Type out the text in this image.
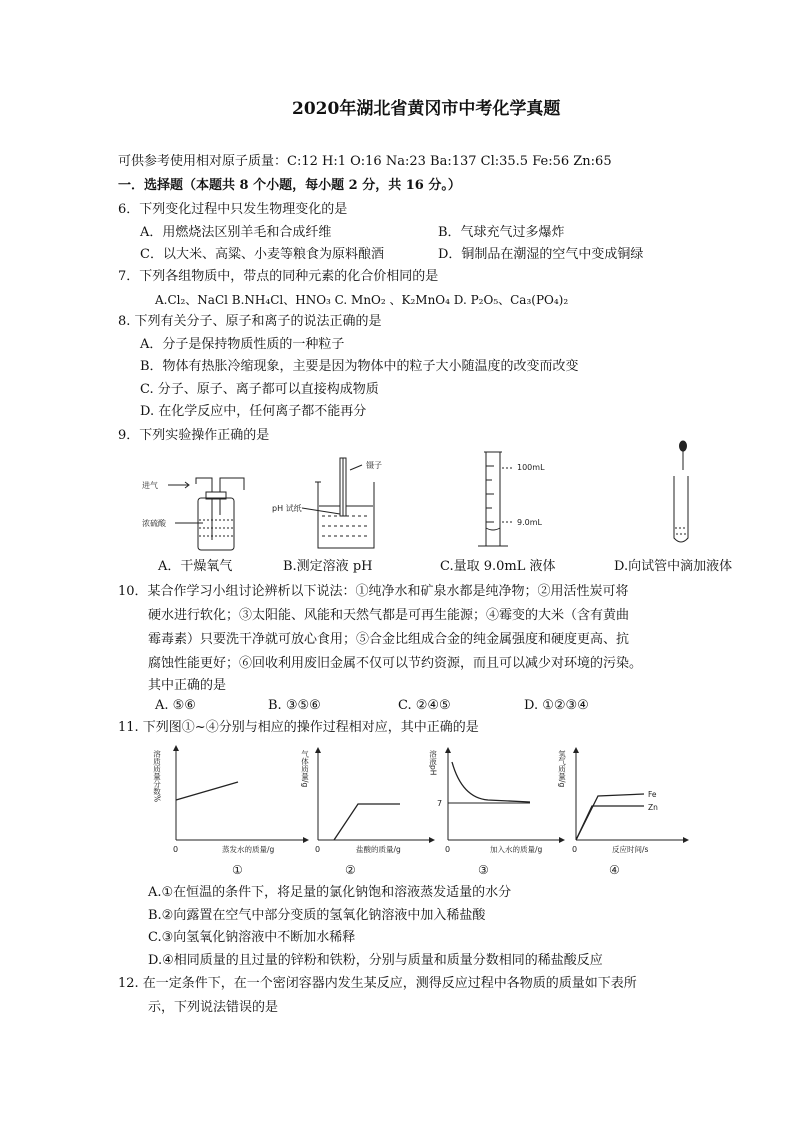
2020年湖北省黄冈市中考化学真题
可供参考使用相对原子质量：C:12 H:1 O:16 Na:23 Ba:137 Cl:35.5 Fe:56 Zn:65
一．选择题（本题共 8 个小题，每小题 2 分，共 16 分。）
6．下列变化过程中只发生物理变化的是
A．用燃烧法区别羊毛和合成纤维	B．气球充气过多爆炸
C．以大米、高粱、小麦等粮食为原料酿酒	D．铜制品在潮湿的空气中变成铜绿
7．下列各组物质中，带点的同种元素的化合价相同的是
A.Cl₂、NaCl B.NH₄Cl、HNO₃ C. MnO₂ 、K₂MnO₄ D. P₂O₅、Ca₃(PO₄)₂
8. 下列有关分子、原子和离子的说法正确的是
A．分子是保持物质性质的一种粒子
B．物体有热胀冷缩现象，主要是因为物体中的粒子大小随温度的改变而改变
C. 分子、原子、离子都可以直接构成物质
D. 在化学反应中，任何离子都不能再分
9．下列实验操作正确的是
进气
浓硫酸
镊子
pH 试纸
100mL
9.0mL
A．干燥氧气	B.测定溶液 pH	C.量取 9.0mL 液体	D.向试管中滴加液体
10．某合作学习小组讨论辨析以下说法：①纯净水和矿泉水都是纯净物；②用活性炭可将
硬水进行软化；③太阳能、风能和天然气都是可再生能源；④霉变的大米（含有黄曲
霉毒素）只要洗干净就可放心食用；⑤合金比组成合金的纯金属强度和硬度更高、抗
腐蚀性能更好；⑥回收利用废旧金属不仅可以节约资源，而且可以减少对环境的污染。
其中正确的是
A. ⑤⑥	B. ③⑤⑥	C. ②④⑤	D. ①②③④
11. 下列图①~④分别与相应的操作过程相对应，其中正确的是
溶质质量分数%
0	蒸发水的质量/g
①
气体质量/g
0	盐酸的质量/g
②
溶液pH
7
0	加入水的质量/g
③
氢气质量/g
Fe
Zn
0	反应时间/s
④
A.①在恒温的条件下，将足量的氯化钠饱和溶液蒸发适量的水分
B.②向露置在空气中部分变质的氢氧化钠溶液中加入稀盐酸
C.③向氢氧化钠溶液中不断加水稀释
D.④相同质量的且过量的锌粉和铁粉，分别与质量和质量分数相同的稀盐酸反应
12. 在一定条件下，在一个密闭容器内发生某反应，测得反应过程中各物质的质量如下表所
示，下列说法错误的是
